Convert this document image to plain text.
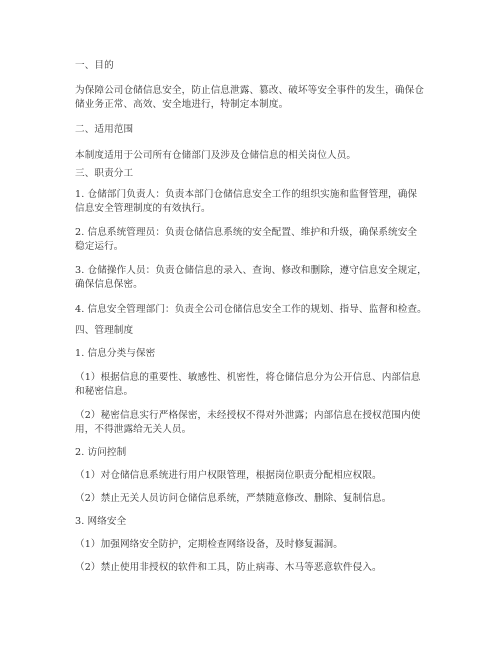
一、目的
为保障公司仓储信息安全，防止信息泄露、篡改、破坏等安全事件的发生，确保仓
储业务正常、高效、安全地进行，特制定本制度。
二、适用范围
本制度适用于公司所有仓储部门及涉及仓储信息的相关岗位人员。
三、职责分工
1. 仓储部门负责人：负责本部门仓储信息安全工作的组织实施和监督管理，确保
信息安全管理制度的有效执行。
2. 信息系统管理员：负责仓储信息系统的安全配置、维护和升级，确保系统安全
稳定运行。
3. 仓储操作人员：负责仓储信息的录入、查询、修改和删除，遵守信息安全规定，
确保信息保密。
4. 信息安全管理部门：负责全公司仓储信息安全工作的规划、指导、监督和检查。
四、管理制度
1. 信息分类与保密
（1）根据信息的重要性、敏感性、机密性，将仓储信息分为公开信息、内部信息
和秘密信息。
（2）秘密信息实行严格保密，未经授权不得对外泄露；内部信息在授权范围内使
用，不得泄露给无关人员。
2. 访问控制
（1）对仓储信息系统进行用户权限管理，根据岗位职责分配相应权限。
（2）禁止无关人员访问仓储信息系统，严禁随意修改、删除、复制信息。
3. 网络安全
（1）加强网络安全防护，定期检查网络设备，及时修复漏洞。
（2）禁止使用非授权的软件和工具，防止病毒、木马等恶意软件侵入。
